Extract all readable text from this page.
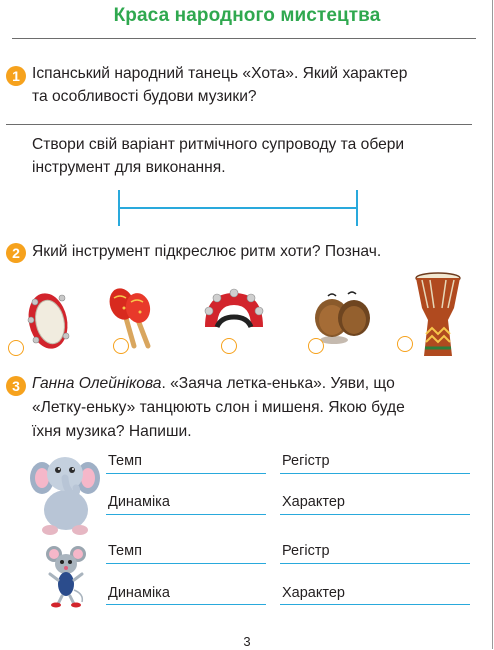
Краса народного мистецтва
1 Іспанський народний танець «Хота». Який характер
та особливості будови музики?
Створи свій варіант ритмічного супроводу та обери
інструмент для виконання.
2 Який інструмент підкреслює ритм хоти? Познач.
3 Ганна Олейнікова. «Заяча летка-енька». Уяви, що
«Летку-еньку» танцюють слон і мишеня. Якою буде
їхня музика? Напиши.
Темп	Регістр
Динаміка	Характер
Темп	Регістр
Динаміка	Характер
3
